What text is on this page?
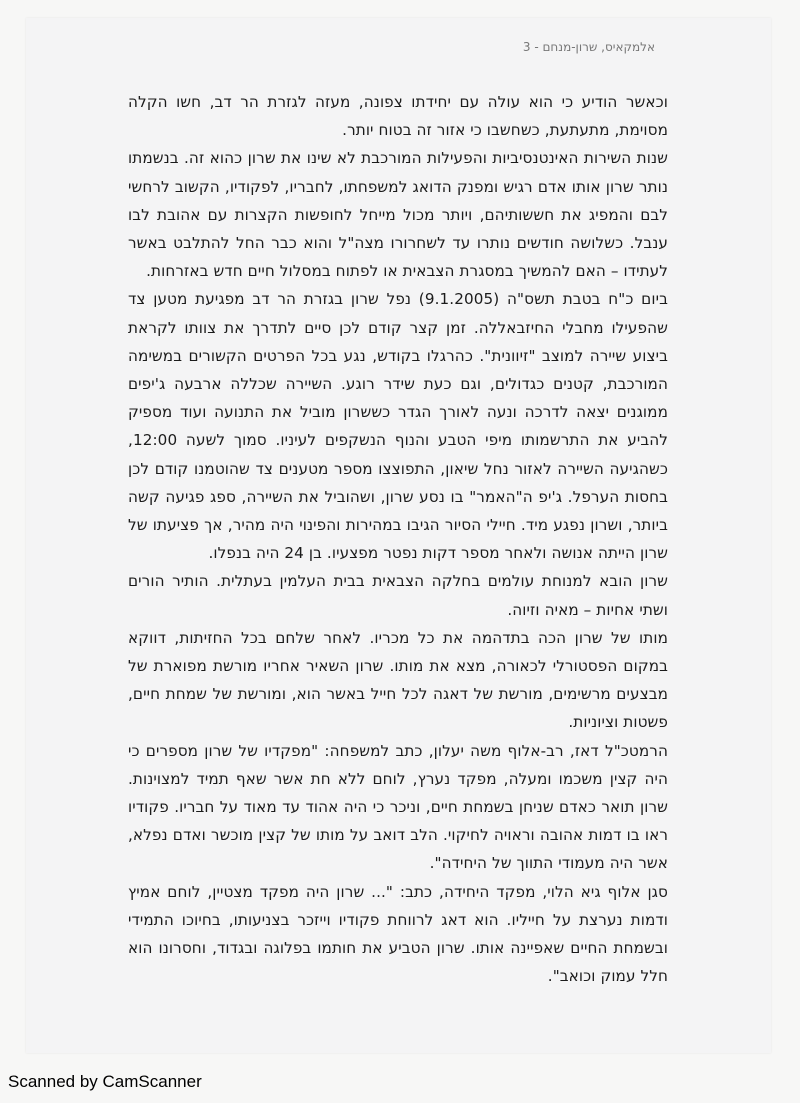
אלמקאיס, שרון-מנחם - 3

וכאשר הודיע כי הוא עולה עם יחידתו צפונה, מעזה לגזרת הר דב, חשו הקלה מסוימת, מתעתעת, כשחשבו כי אזור זה בטוח יותר.

שנות השירות האינטנסיביות והפעילות המורכבת לא שינו את שרון כהוא זה. בנשמתו נותר שרון אותו אדם רגיש ומפנק הדואג למשפחתו, לחבריו, לפקודיו, הקשוב לרחשי לבם והמפיג את חששותיהם, ויותר מכול מייחל לחופשות הקצרות עם אהובת לבו ענבל. כשלושה חודשים נותרו עד לשחרורו מצה"ל והוא כבר החל להתלבט באשר לעתידו – האם להמשיך במסגרת הצבאית או לפתוח במסלול חיים חדש באזרחות.

ביום כ"ח בטבת תשס"ה (9.1.2005) נפל שרון בגזרת הר דב מפגיעת מטען צד שהפעילו מחבלי החיזבאללה. זמן קצר קודם לכן סיים לתדרך את צוותו לקראת ביצוע שיירה למוצב "זיוונית". כהרגלו בקודש, נגע בכל הפרטים הקשורים במשימה המורכבת, קטנים כגדולים, וגם כעת שידר רוגע. השיירה שכללה ארבעה ג'יפים ממוגנים יצאה לדרכה ונעה לאורך הגדר כששרון מוביל את התנועה ועוד מספיק להביע את התרשמותו מיפי הטבע והנוף הנשקפים לעיניו. סמוך לשעה 12:00, כשהגיעה השיירה לאזור נחל שיאון, התפוצצו מספר מטענים צד שהוטמנו קודם לכן בחסות הערפל. ג'יפ ה"האמר" בו נסע שרון, ושהוביל את השיירה, ספג פגיעה קשה ביותר, ושרון נפגע מיד. חיילי הסיור הגיבו במהירות והפינוי היה מהיר, אך פציעתו של שרון הייתה אנושה ולאחר מספר דקות נפטר מפצעיו. בן 24 היה בנפלו.

שרון הובא למנוחת עולמים בחלקה הצבאית בבית העלמין בעתלית. הותיר הורים ושתי אחיות – מאיה וזיוה.

מותו של שרון הכה בתדהמה את כל מכריו. לאחר שלחם בכל החזיתות, דווקא במקום הפסטורלי לכאורה, מצא את מותו. שרון השאיר אחריו מורשת מפוארת של מבצעים מרשימים, מורשת של דאגה לכל חייל באשר הוא, ומורשת של שמחת חיים, פשטות וציוניות.

הרמטכ"ל דאז, רב-אלוף משה יעלון, כתב למשפחה: "מפקדיו של שרון מספרים כי היה קצין משכמו ומעלה, מפקד נערץ, לוחם ללא חת אשר שאף תמיד למצוינות. שרון תואר כאדם שניחן בשמחת חיים, וניכר כי היה אהוד עד מאוד על חבריו. פקודיו ראו בו דמות אהובה וראויה לחיקוי. הלב דואב על מותו של קצין מוכשר ואדם נפלא, אשר היה מעמודי התווך של היחידה".

סגן אלוף גיא הלוי, מפקד היחידה, כתב: "... שרון היה מפקד מצטיין, לוחם אמיץ ודמות נערצת על חייליו. הוא דאג לרווחת פקודיו וייזכר בצניעותו, בחיוכו התמידי ובשמחת החיים שאפיינה אותו. שרון הטביע את חותמו בפלוגה ובגדוד, וחסרונו הוא חלל עמוק וכואב".

Scanned by CamScanner
